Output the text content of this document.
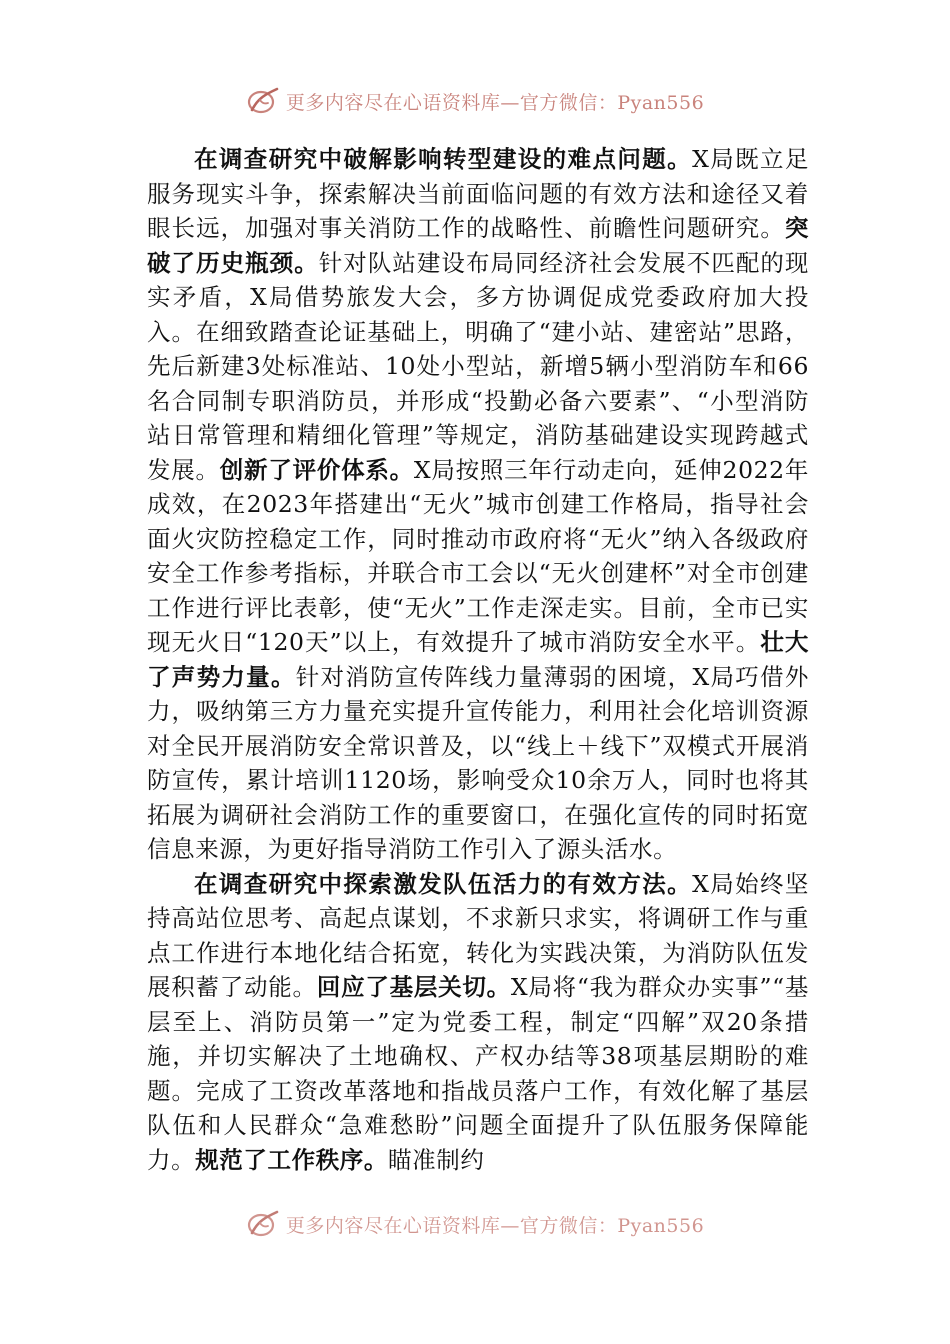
更多内容尽在心语资料库—官方微信：Pyan556

在调查研究中破解影响转型建设的难点问题。X局既立足服务现实斗争，探索解决当前面临问题的有效方法和途径又着眼长远，加强对事关消防工作的战略性、前瞻性问题研究。突破了历史瓶颈。针对队站建设布局同经济社会发展不匹配的现实矛盾，X局借势旅发大会，多方协调促成党委政府加大投入。在细致踏查论证基础上，明确了“建小站、建密站”思路，先后新建3处标准站、10处小型站，新增5辆小型消防车和66名合同制专职消防员，并形成“投勤必备六要素”、“小型消防站日常管理和精细化管理”等规定，消防基础建设实现跨越式发展。创新了评价体系。X局按照三年行动走向，延伸2022年成效，在2023年搭建出“无火”城市创建工作格局，指导社会面火灾防控稳定工作，同时推动市政府将“无火”纳入各级政府安全工作参考指标，并联合市工会以“无火创建杯”对全市创建工作进行评比表彰，使“无火”工作走深走实。目前，全市已实现无火日“120天”以上，有效提升了城市消防安全水平。壮大了声势力量。针对消防宣传阵线力量薄弱的困境，X局巧借外力，吸纳第三方力量充实提升宣传能力，利用社会化培训资源对全民开展消防安全常识普及，以“线上＋线下”双模式开展消防宣传，累计培训1120场，影响受众10余万人，同时也将其拓展为调研社会消防工作的重要窗口，在强化宣传的同时拓宽信息来源，为更好指导消防工作引入了源头活水。

在调查研究中探索激发队伍活力的有效方法。X局始终坚持高站位思考、高起点谋划，不求新只求实，将调研工作与重点工作进行本地化结合拓宽，转化为实践决策，为消防队伍发展积蓄了动能。回应了基层关切。X局将“我为群众办实事”“基层至上、消防员第一”定为党委工程，制定“四解”双20条措施，并切实解决了土地确权、产权办结等38项基层期盼的难题。完成了工资改革落地和指战员落户工作，有效化解了基层队伍和人民群众“急难愁盼”问题全面提升了队伍服务保障能力。规范了工作秩序。瞄准制约

更多内容尽在心语资料库—官方微信：Pyan556
